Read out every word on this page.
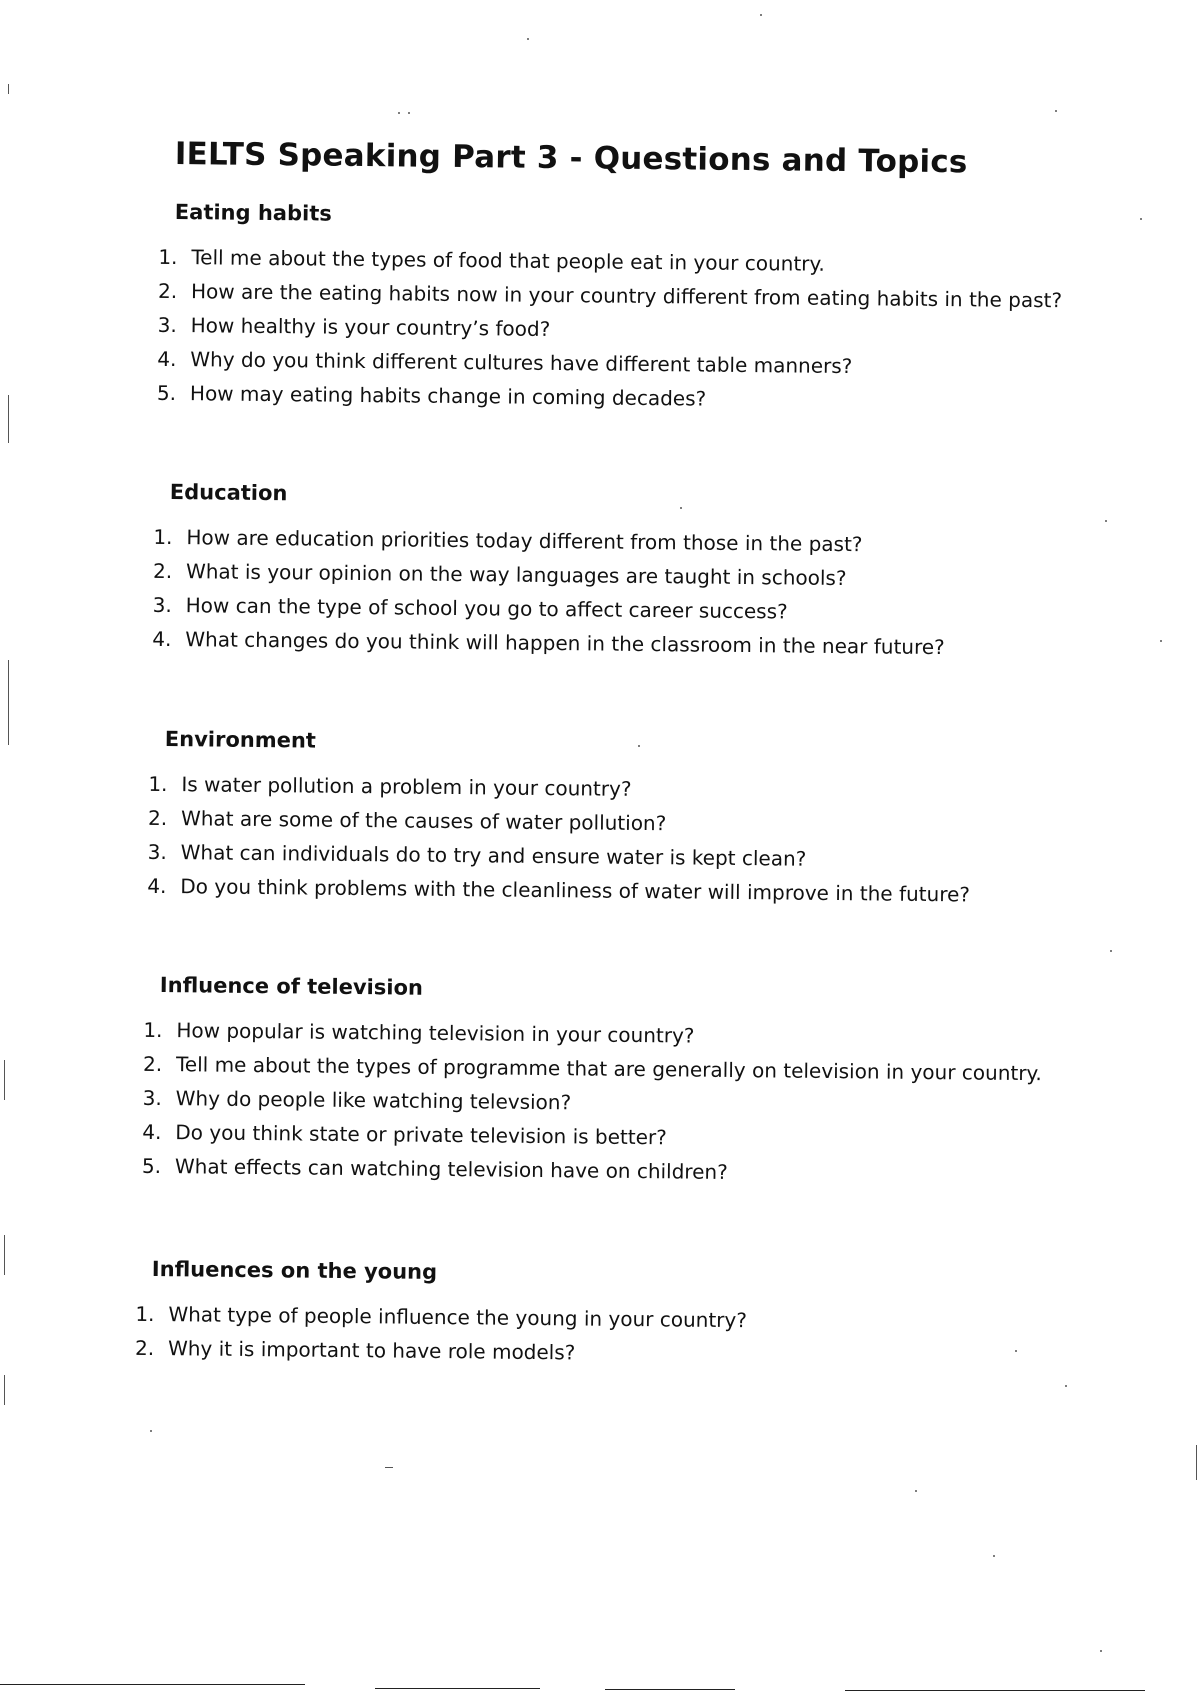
IELTS Speaking Part 3 - Questions and Topics
Eating habits
1. Tell me about the types of food that people eat in your country.
2. How are the eating habits now in your country different from eating habits in the past?
3. How healthy is your country’s food?
4. Why do you think different cultures have different table manners?
5. How may eating habits change in coming decades?
Education
1. How are education priorities today different from those in the past?
2. What is your opinion on the way languages are taught in schools?
3. How can the type of school you go to affect career success?
4. What changes do you think will happen in the classroom in the near future?
Environment
1. Is water pollution a problem in your country?
2. What are some of the causes of water pollution?
3. What can individuals do to try and ensure water is kept clean?
4. Do you think problems with the cleanliness of water will improve in the future?
Influence of television
1. How popular is watching television in your country?
2. Tell me about the types of programme that are generally on television in your country.
3. Why do people like watching televsion?
4. Do you think state or private television is better?
5. What effects can watching television have on children?
Influences on the young
1. What type of people influence the young in your country?
2. Why it is important to have role models?
